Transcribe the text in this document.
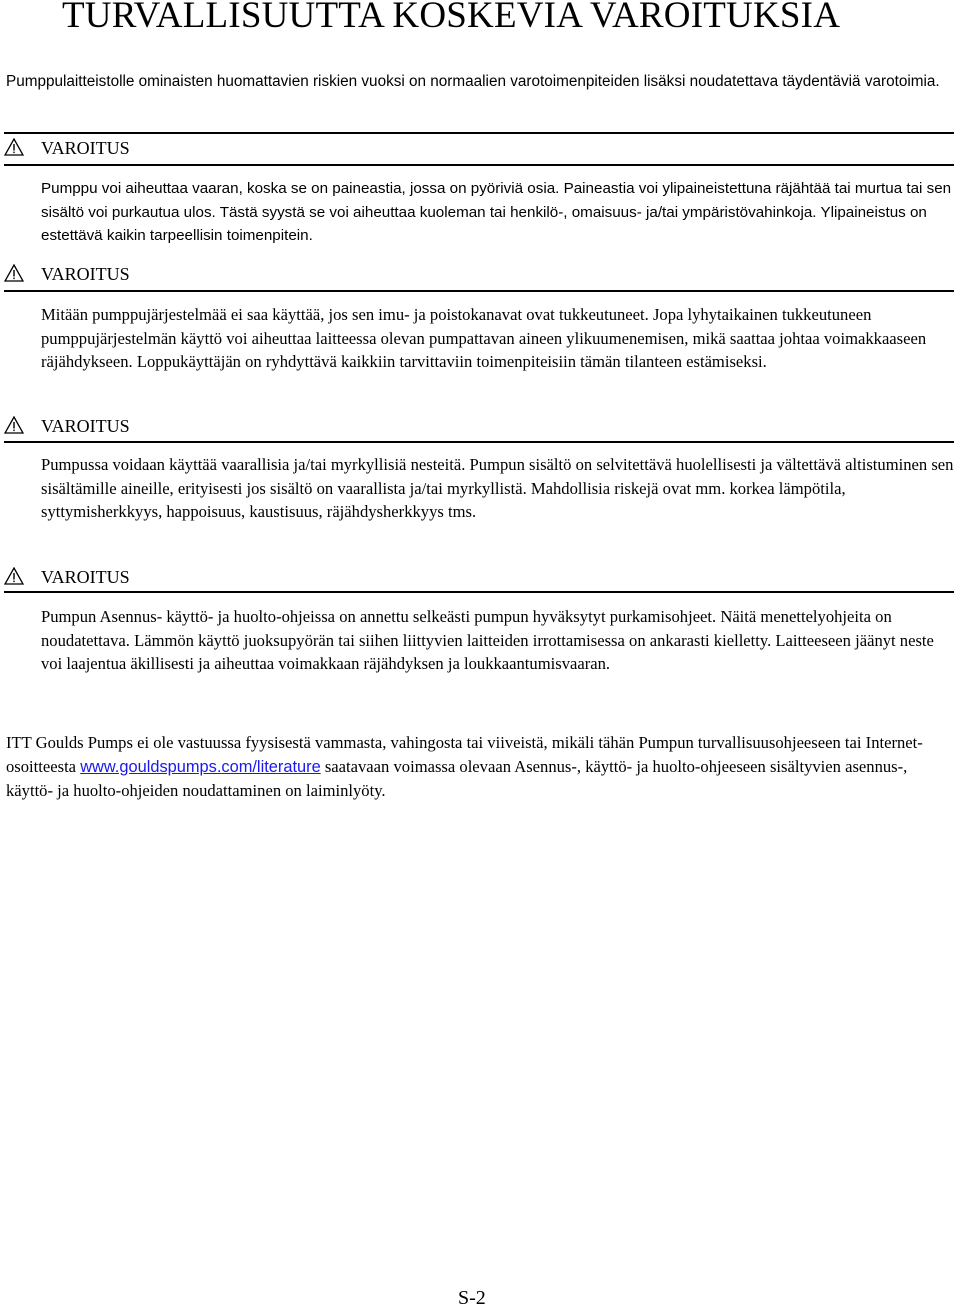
TURVALLISUUTTA KOSKEVIA VAROITUKSIA

Pumppulaitteistolle ominaisten huomattavien riskien vuoksi on normaalien varotoimenpiteiden lisäksi noudatettava täydentäviä varotoimia.

VAROITUS

Pumppu voi aiheuttaa vaaran, koska se on paineastia, jossa on pyöriviä osia. Paineastia voi ylipaineistettuna räjähtää tai murtua tai sen sisältö voi purkautua ulos. Tästä syystä se voi aiheuttaa kuoleman tai henkilö-, omaisuus- ja/tai ympäristövahinkoja. Ylipaineistus on estettävä kaikin tarpeellisin toimenpitein.

VAROITUS

Mitään pumppujärjestelmää ei saa käyttää, jos sen imu- ja poistokanavat ovat tukkeutuneet. Jopa lyhytaikainen tukkeutuneen pumppujärjestelmän käyttö voi aiheuttaa laitteessa olevan pumpattavan aineen ylikuumenemisen, mikä saattaa johtaa voimakkaaseen räjähdykseen. Loppukäyttäjän on ryhdyttävä kaikkiin tarvittaviin toimenpiteisiin tämän tilanteen estämiseksi.

VAROITUS

Pumpussa voidaan käyttää vaarallisia ja/tai myrkyllisiä nesteitä. Pumpun sisältö on selvitettävä huolellisesti ja vältettävä altistuminen sen sisältämille aineille, erityisesti jos sisältö on vaarallista ja/tai myrkyllistä. Mahdollisia riskejä ovat mm. korkea lämpötila, syttymisherkkyys, happoisuus, kaustisuus, räjähdysherkkyys tms.

VAROITUS

Pumpun Asennus- käyttö- ja huolto-ohjeissa on annettu selkeästi pumpun hyväksytyt purkamisohjeet. Näitä menettelyohjeita on noudatettava. Lämmön käyttö juoksupyörän tai siihen liittyvien laitteiden irrottamisessa on ankarasti kielletty. Laitteeseen jäänyt neste voi laajentua äkillisesti ja aiheuttaa voimakkaan räjähdyksen ja loukkaantumisvaaran.

ITT Goulds Pumps ei ole vastuussa fyysisestä vammasta, vahingosta tai viiveistä, mikäli tähän Pumpun turvallisuusohjeeseen tai Internet-osoitteesta www.gouldspumps.com/literature saatavaan voimassa olevaan Asennus-, käyttö- ja huolto-ohjeeseen sisältyvien asennus-, käyttö- ja huolto-ohjeiden noudattaminen on laiminlyöty.

S-2
